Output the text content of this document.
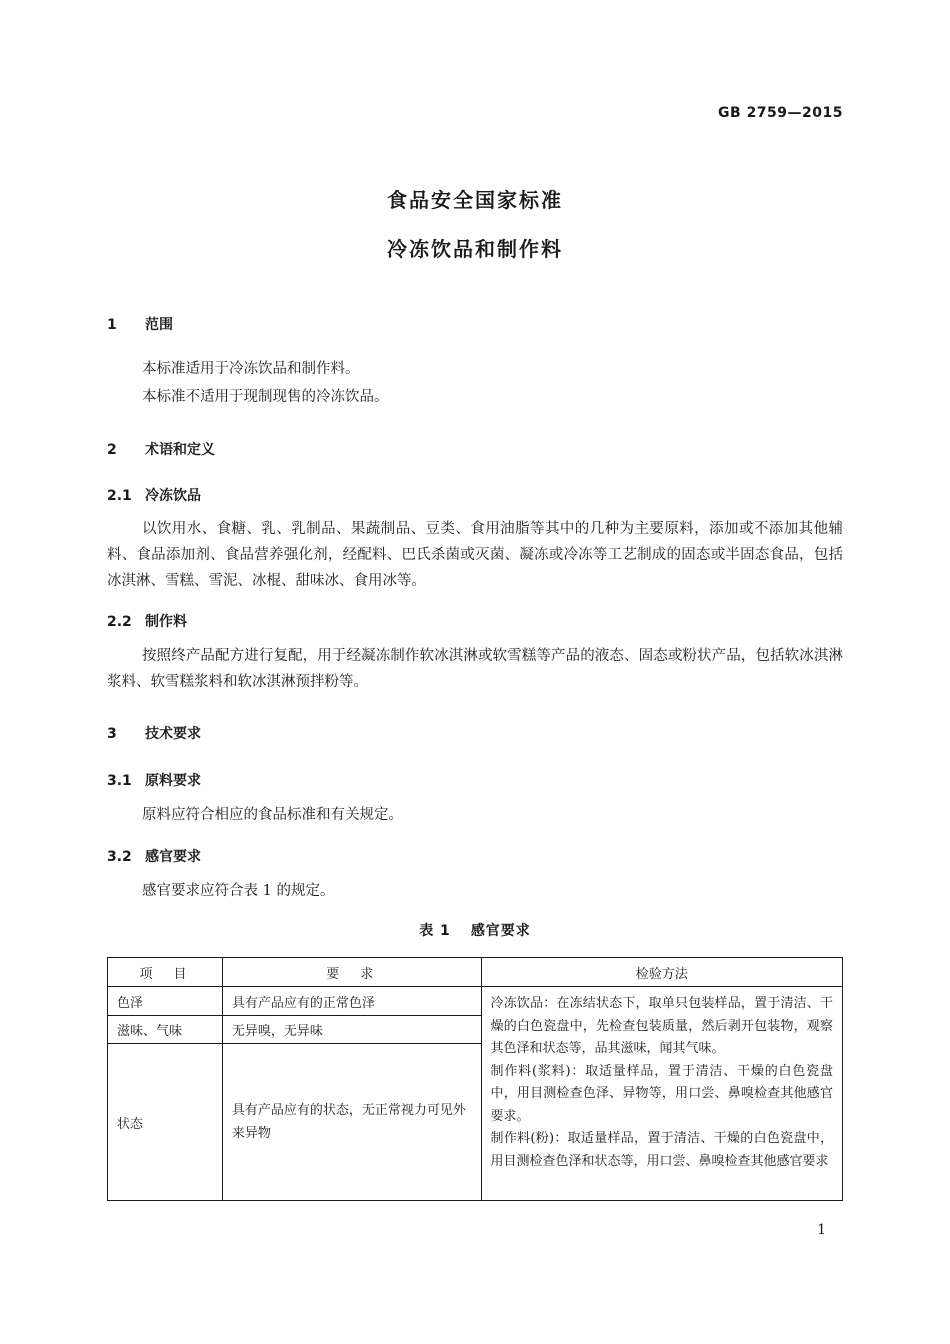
GB 2759—2015
食品安全国家标准
冷冻饮品和制作料
1 范围
本标准适用于冷冻饮品和制作料。
本标准不适用于现制现售的冷冻饮品。
2 术语和定义
2.1 冷冻饮品
以饮用水、食糖、乳、乳制品、果蔬制品、豆类、食用油脂等其中的几种为主要原料，添加或不添加其他辅料、食品添加剂、食品营养强化剂，经配料、巴氏杀菌或灭菌、凝冻或冷冻等工艺制成的固态或半固态食品，包括冰淇淋、雪糕、雪泥、冰棍、甜味冰、食用冰等。
2.2 制作料
按照终产品配方进行复配，用于经凝冻制作软冰淇淋或软雪糕等产品的液态、固态或粉状产品，包括软冰淇淋浆料、软雪糕浆料和软冰淇淋预拌粉等。
3 技术要求
3.1 原料要求
原料应符合相应的食品标准和有关规定。
3.2 感官要求
感官要求应符合表 1 的规定。
表 1 感官要求
项　目	要　求	检验方法
色泽	具有产品应有的正常色泽	冷冻饮品：在冻结状态下，取单只包装样品，置于清洁、干燥的白色瓷盘中，先检查包装质量，然后剥开包装物，观察其色泽和状态等，品其滋味，闻其气味。
制作料(浆料)：取适量样品，置于清洁、干燥的白色瓷盘中，用目测检查色泽、异物等，用口尝、鼻嗅检查其他感官要求。
制作料(粉)：取适量样品，置于清洁、干燥的白色瓷盘中，用目测检查色泽和状态等，用口尝、鼻嗅检查其他感官要求

滋味、气味	无异嗅，无异味	
状态	具有产品应有的状态，无正常视力可见外来异物	
1
